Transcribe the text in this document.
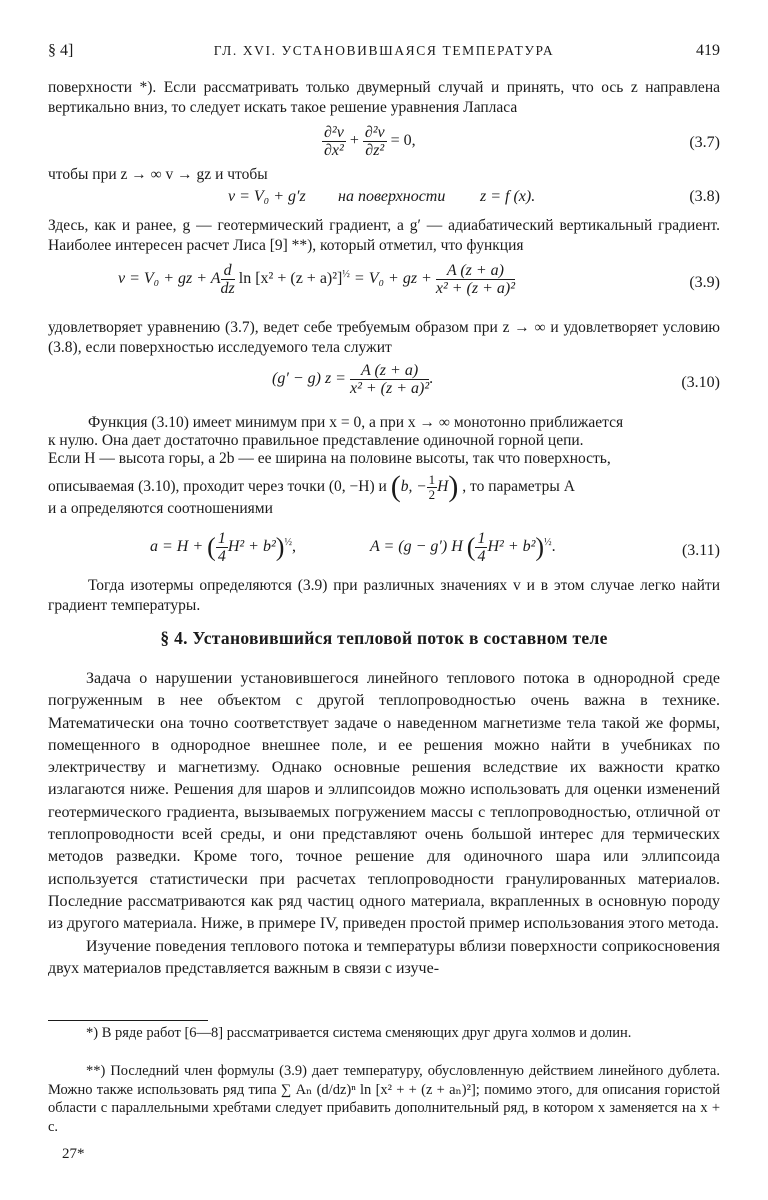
§ 4]	ГЛ. XVI. УСТАНОВИВШАЯСЯ ТЕМПЕРАТУРА	419
поверхности *). Если рассматривать только двумерный случай и принять, что ось z направлена вертикально вниз, то следует искать такое решение уравнения Лапласа
$\frac{\text{∂²v}}{\text{∂x²}} + \frac{\text{∂²v}}{\text{∂z²}} = 0$,	(3.7)
чтобы при z → ∞ v → gz и чтобы
v = V₀ + g′z на поверхности z = f (x).	(3.8)
Здесь, как и ранее, g — геотермический градиент, а g′ — адиабатический вертикальный градиент. Наиболее интересен расчет Лиса [9] **), который отметил, что функция
v = V₀ + gz + A $\frac{d}{dz}$ $\ln [x^2 + (z + a)^2]^{\frac{1}{2}} = V_0$ + gz + $\frac{A (z + a)}{\text{x² + (z + a)²}}$	(3.9)
удовлетворяет уравнению (3.7), ведет себе требуемым образом при z → ∞ и удовлетворяет условию (3.8), если поверхностью исследуемого тела служит
(g′ − g) $z = \frac{A (z + a)}{\text{x² + (z + a)²}}$ .	(3.10)
Функция (3.10) имеет минимум при x = 0, а при x → ∞ монотонно приближается
к нулю. Она дает достаточно правильное представление одиночной горной цепи.
Если H — высота горы, а 2b — ее ширина на половине высоты, так что поверхность,
описываемая (3.10), проходит через точки (0, −H) и (b, − $\frac{1}{2} H$) , то параметры A
и a определяются соотношениями
a = H + ( $\frac{1}{4} H^2 + b^2)^{\frac{1}{2}}$,	A = (g − g′) H ( $\frac{1}{4} H^2 + b^2)^{\frac{1}{2}}$.	(3.11)
Тогда изотермы определяются (3.9) при различных значениях v и в этом случае легко найти градиент температуры.
§ 4. Установившийся тепловой поток в составном теле

Задача о нарушении установившегося линейного теплового потока в однородной среде погруженным в нее объектом с другой теплопроводностью очень важна в технике. Математически она точно соответствует задаче о наведенном магнетизме тела такой же формы, помещенного в однородное внешнее поле, и ее решения можно найти в учебниках по электричеству и магнетизму. Однако основные решения вследствие их важности кратко излагаются ниже. Решения для шаров и эллипсоидов можно использовать для оценки изменений геотермического градиента, вызываемых погружением массы с теплопроводностью, отличной от теплопроводности всей среды, и они представляют очень большой интерес для термических методов разведки. Кроме того, точное решение для одиночного шара или эллипсоида используется статистически при расчетах теплопроводности гранулированных материалов. Последние рассматриваются как ряд частиц одного материала, вкрапленных в основную породу из другого материала. Ниже, в примере IV, приведен простой пример использования этого метода.

Изучение поведения теплового потока и температуры вблизи поверхности соприкосновения двух материалов представляется важным в связи с изуче-

*) В ряде работ [6—8] рассматривается система сменяющих друг друга холмов и долин.

**) Последний член формулы (3.9) дает температуру, обусловленную действием линейного дублета. Можно также использовать ряд типа ∑ Aₙ (d/dz)ⁿ ln [x² + + (z + aₙ)²]; помимо этого, для описания гористой области с параллельными хребтами следует прибавить дополнительный ряд, в котором x заменяется на x + c.

27*
